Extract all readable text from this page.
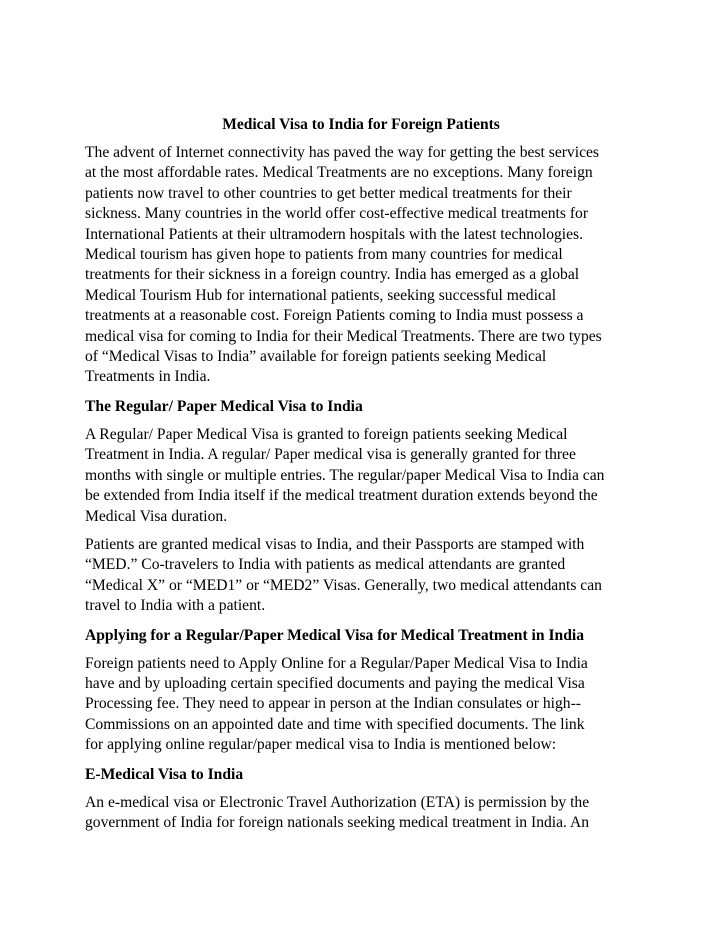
Medical Visa to India for Foreign Patients
The advent of Internet connectivity has paved the way for getting the best services
at the most affordable rates. Medical Treatments are no exceptions. Many foreign
patients now travel to other countries to get better medical treatments for their
sickness. Many countries in the world offer cost-effective medical treatments for
International Patients at their ultramodern hospitals with the latest technologies.
Medical tourism has given hope to patients from many countries for medical
treatments for their sickness in a foreign country. India has emerged as a global
Medical Tourism Hub for international patients, seeking successful medical
treatments at a reasonable cost. Foreign Patients coming to India must possess a
medical visa for coming to India for their Medical Treatments. There are two types
of “Medical Visas to India” available for foreign patients seeking Medical
Treatments in India.
The Regular/ Paper Medical Visa to India
A Regular/ Paper Medical Visa is granted to foreign patients seeking Medical
Treatment in India. A regular/ Paper medical visa is generally granted for three
months with single or multiple entries. The regular/paper Medical Visa to India can
be extended from India itself if the medical treatment duration extends beyond the
Medical Visa duration.
Patients are granted medical visas to India, and their Passports are stamped with
“MED.” Co-travelers to India with patients as medical attendants are granted
“Medical X” or “MED1” or “MED2” Visas. Generally, two medical attendants can
travel to India with a patient.
Applying for a Regular/Paper Medical Visa for Medical Treatment in India
Foreign patients need to Apply Online for a Regular/Paper Medical Visa to India
have and by uploading certain specified documents and paying the medical Visa
Processing fee. They need to appear in person at the Indian consulates or high--
Commissions on an appointed date and time with specified documents. The link
for applying online regular/paper medical visa to India is mentioned below:
E-Medical Visa to India
An e-medical visa or Electronic Travel Authorization (ETA) is permission by the
government of India for foreign nationals seeking medical treatment in India. An
